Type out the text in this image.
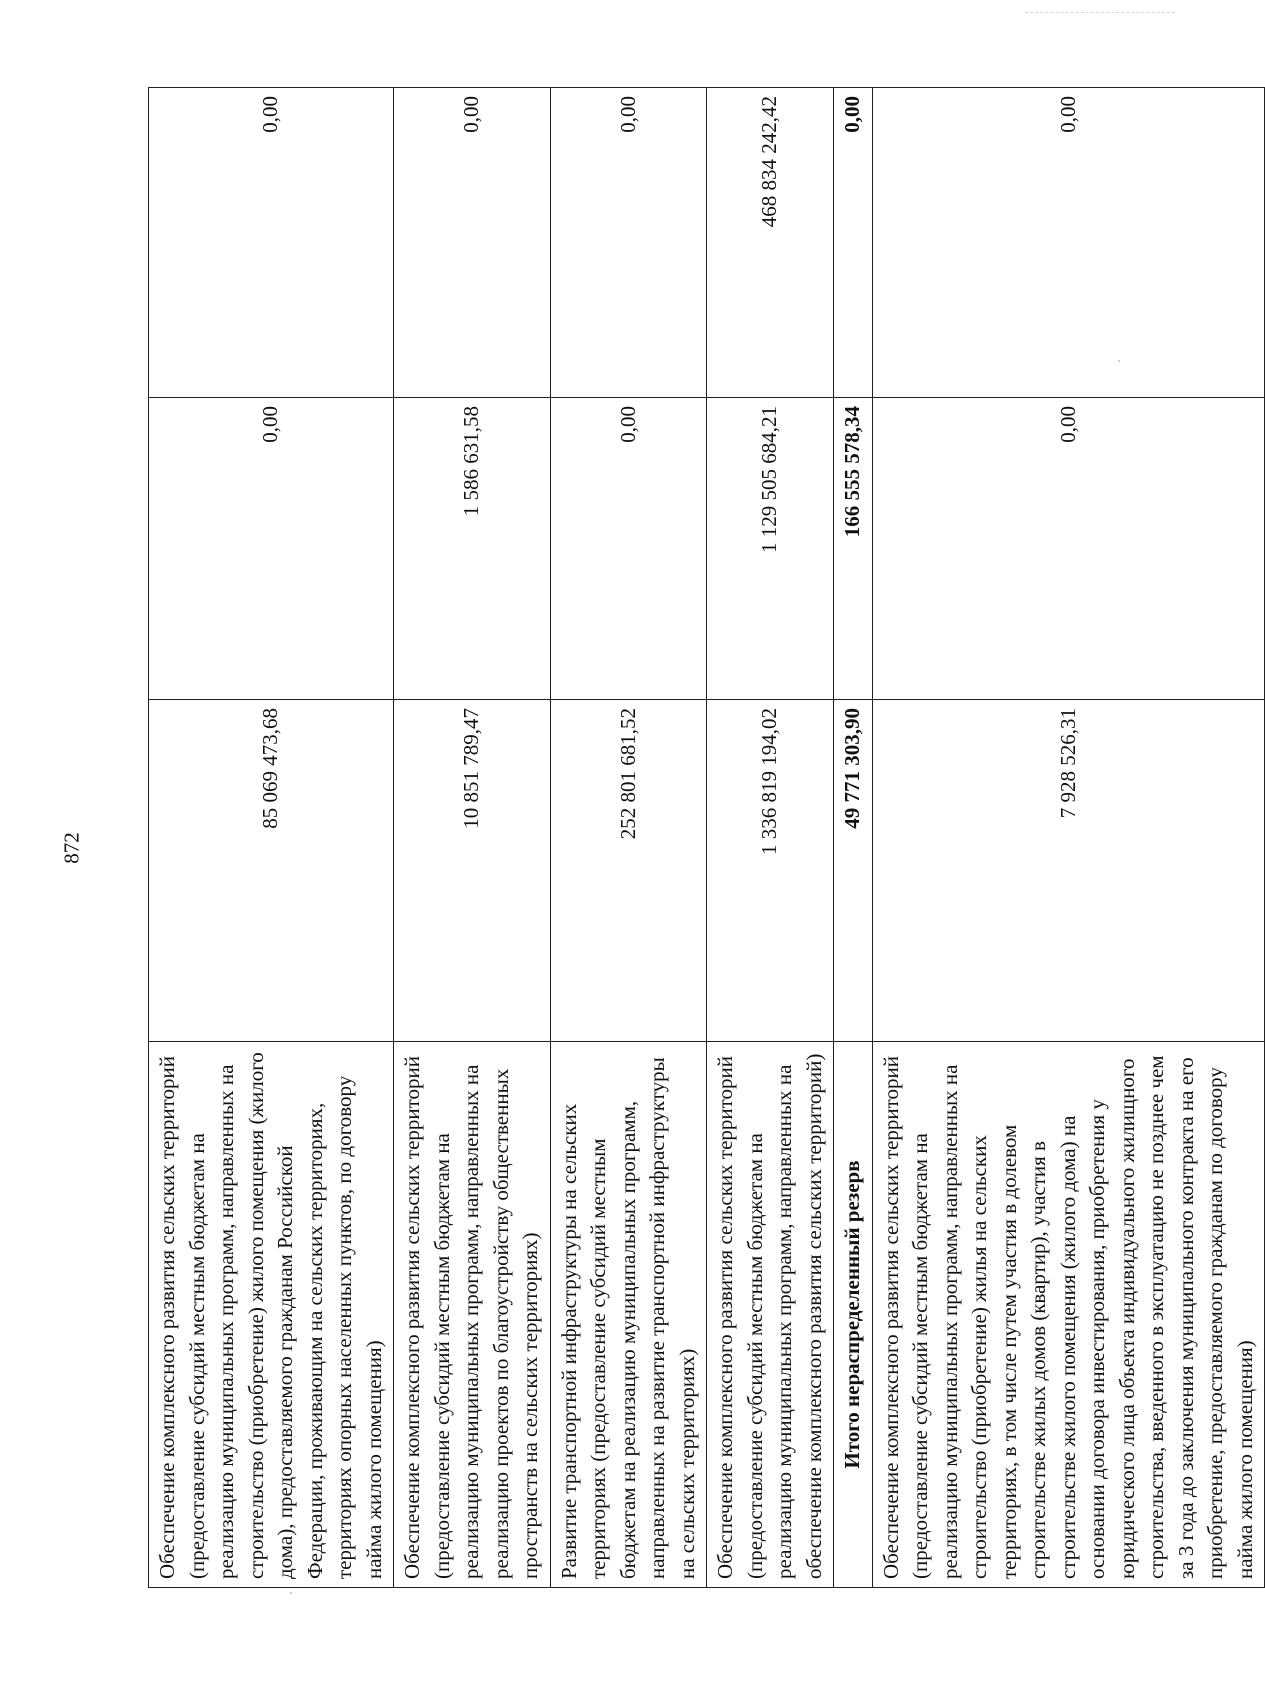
872
Обеспечение комплексного развития сельских территорий (предоставление субсидий местным бюджетам на реализацию муниципальных программ, направленных на строительство (приобретение) жилого помещения (жилого дома), предоставляемого гражданам Российской Федерации, проживающим на сельских территориях, территориях опорных населенных пунктов, по договору найма жилого помещения)	85 069 473,68	0,00	0,00
Обеспечение комплексного развития сельских территорий (предоставление субсидий местным бюджетам на реализацию муниципальных программ, направленных на реализацию проектов по благоустройству общественных пространств на сельских территориях)	10 851 789,47	1 586 631,58	0,00
Развитие транспортной инфраструктуры на сельских территориях (предоставление субсидий местным бюджетам на реализацию муниципальных программ, направленных на развитие транспортной инфраструктуры на сельских территориях)	252 801 681,52	0,00	0,00
Обеспечение комплексного развития сельских территорий (предоставление субсидий местным бюджетам на реализацию муниципальных программ, направленных на обеспечение комплексного развития сельских территорий)	1 336 819 194,02	1 129 505 684,21	468 834 242,42
Итого нераспределенный резерв	49 771 303,90	166 555 578,34	0,00
Обеспечение комплексного развития сельских территорий (предоставление субсидий местным бюджетам на реализацию муниципальных программ, направленных на строительство (приобретение) жилья на сельских территориях, в том числе путем участия в долевом строительстве жилых домов (квартир), участия в строительстве жилого помещения (жилого дома) на основании договора инвестирования, приобретения у юридического лица объекта индивидуального жилищного строительства, введенного в эксплуатацию не позднее чем за 3 года до заключения муниципального контракта на его приобретение, предоставляемого гражданам по договору найма жилого помещения)	7 928 526,31	0,00	0,00
